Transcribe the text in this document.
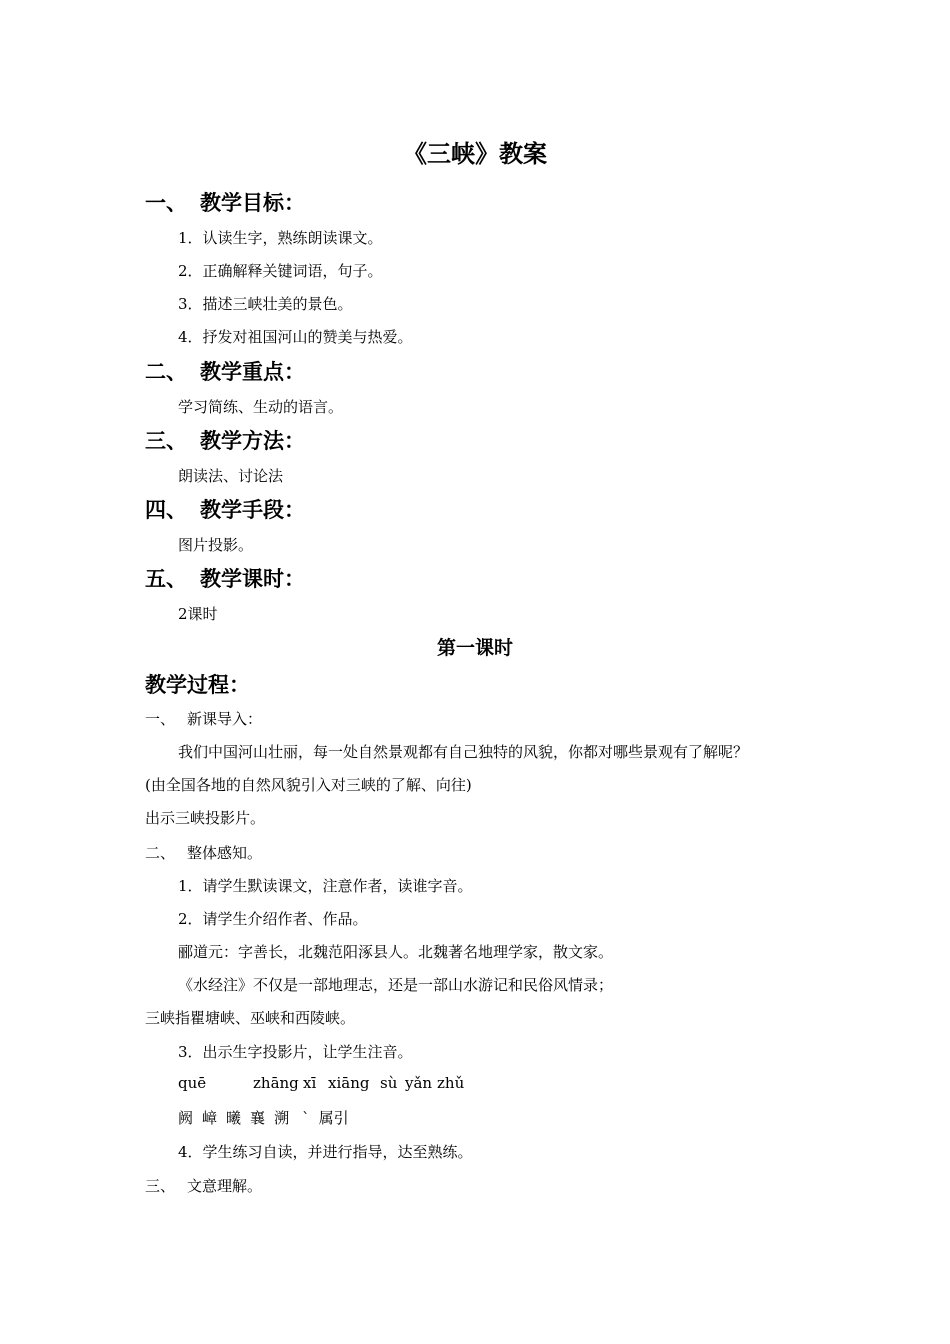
《三峡》教案
一、 教学目标：
1．认读生字，熟练朗读课文。
2．正确解释关键词语，句子。
3．描述三峡壮美的景色。
4．抒发对祖国河山的赞美与热爱。
二、 教学重点：
学习简练、生动的语言。
三、 教学方法：
朗读法、讨论法
四、 教学手段：
图片投影。
五、 教学课时：
2课时
第一课时
教学过程：
一、 新课导入：
我们中国河山壮丽，每一处自然景观都有自己独特的风貌，你都对哪些景观有了解呢？
(由全国各地的自然风貌引入对三峡的了解、向往)
出示三峡投影片。
二、 整体感知。
1．请学生默读课文，注意作者，读谁字音。
2．请学生介绍作者、作品。
郦道元：字善长，北魏范阳涿县人。北魏著名地理学家，散文家。
《水经注》不仅是一部地理志，还是一部山水游记和民俗风情录；
三峡指瞿塘峡、巫峡和西陵峡。
3．出示生字投影片，让学生注音。
quē	zhāng xī xiāng sù yǎn zhǔ
阙 嶂 曦 襄 溯 ` 属引
4．学生练习自读，并进行指导，达至熟练。
三、 文意理解。
